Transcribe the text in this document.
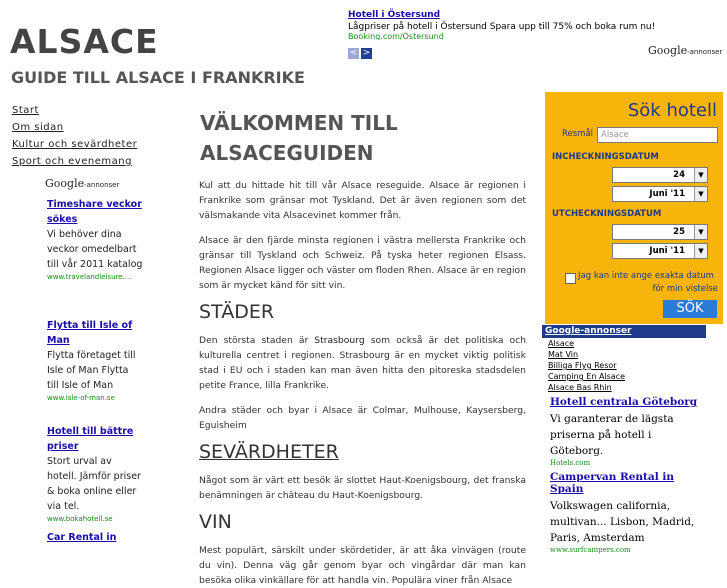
ALSACE
GUIDE TILL ALSACE I FRANKRIKE
Hotell i Östersund
Lågpriser på hotell i Östersund Spara upp till 75% och boka rum nu!
Booking.com/Östersund
< >	Google-annonser
Start
Om sidan
Kultur och sevärdheter
Sport och evenemang
Google-annonser
Timeshare veckor sökes
Vi behöver dina veckor omedelbart till vår 2011 katalog
www.travelandleisure....
Flytta till Isle of Man
Flytta företaget till Isle of Man Flytta till Isle of Man
www.isle-of-man.se
Hotell till bättre priser
Stort urval av hotell. Jämför priser & boka online eller via tel.
www.bokahotell.se
Car Rental in
VÄLKOMMEN TILL ALSACEGUIDEN

Kul att du hittade hit till vår Alsace reseguide. Alsace är regionen i Frankrike som gränsar mot Tyskland. Det är även regionen som det välsmakande vita Alsacevinet kommer från.

Alsace är den fjärde minsta regionen i västra mellersta Frankrike och gränsar till Tyskland och Schweiz. På tyska heter regionen Elsass. Regionen Alsace ligger och väster om floden Rhen. Alsace är en region som är mycket känd för sitt vin.

STÄDER

Den största staden är Strasbourg som också är det politiska och kulturella centret i regionen. Strasbourg är en mycket viktig politisk stad i EU och i staden kan man även hitta den pitoreska stadsdelen petite France, lilla Frankrike.

Andra städer och byar i Alsace är Colmar, Mulhouse, Kaysersberg, Eguisheim

SEVÄRDHETER

Något som är värt ett besök är slottet Haut-Koenigsbourg, det franska benämningen är château du Haut-Koenigsbourg.

VIN

Mest populärt, särskilt under skördetider, är att åka vinvägen (route du vin). Denna väg går genom byar och vingårdar där man kan besöka olika vinkällare för att handla vin. Populära viner från Alsace

Sök hotell
Resmål Alsace
INCHECKNINGSDATUM
24	▼
Juni '11	▼
UTCHECKNINGSDATUM
25	▼
Juni '11	▼
Jag kan inte ange exakta datum
för min vistelse
SÖK
Google-annonser
Alsace
Mat Vin
Billiga Flyg Resor
Camping En Alsace
Alsace Bas Rhin
Hotell centrala Göteborg
Vi garanterar de lägsta priserna på hotell i Göteborg.
Hotels.com
Campervan Rental in Spain
Volkswagen california, multivan... Lisbon, Madrid, Paris, Amsterdam
www.surfcampers.com
